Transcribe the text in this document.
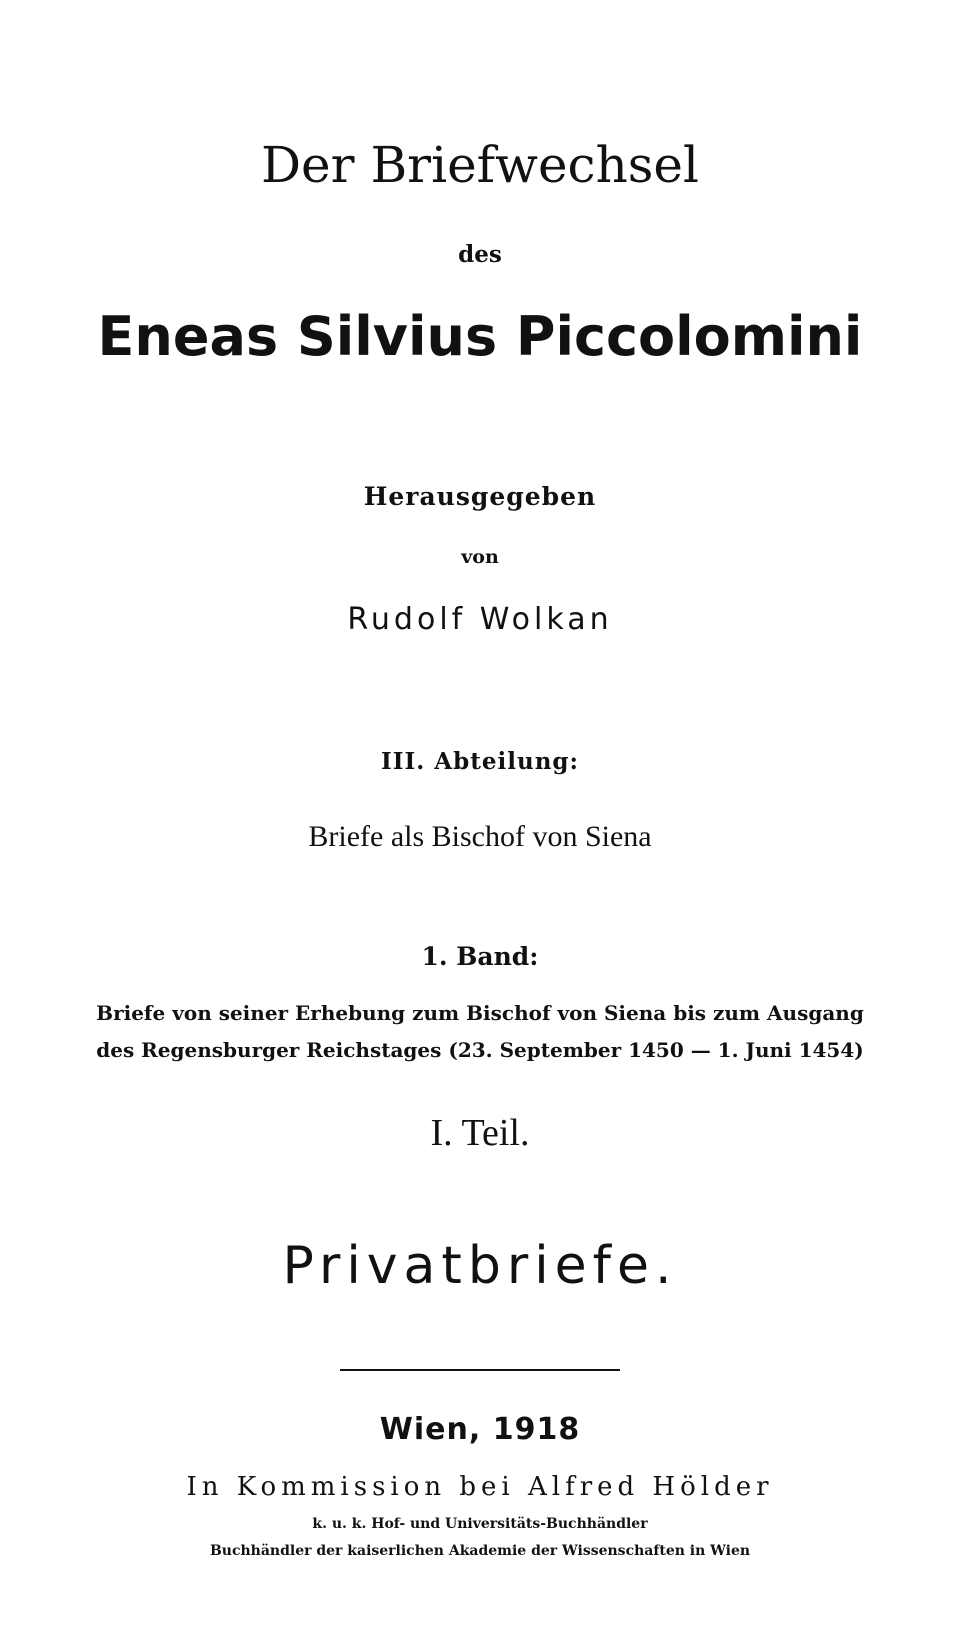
Der Briefwechsel
des
Eneas Silvius Piccolomini
Herausgegeben
von
Rudolf Wolkan
III. Abteilung:
Briefe als Bischof von Siena
1. Band:
Briefe von seiner Erhebung zum Bischof von Siena bis zum Ausgang
des Regensburger Reichstages (23. September 1450 — 1. Juni 1454)
I. Teil.
Privatbriefe.
Wien, 1918
In Kommission bei Alfred Hölder
k. u. k. Hof- und Universitäts-Buchhändler
Buchhändler der kaiserlichen Akademie der Wissenschaften in Wien
